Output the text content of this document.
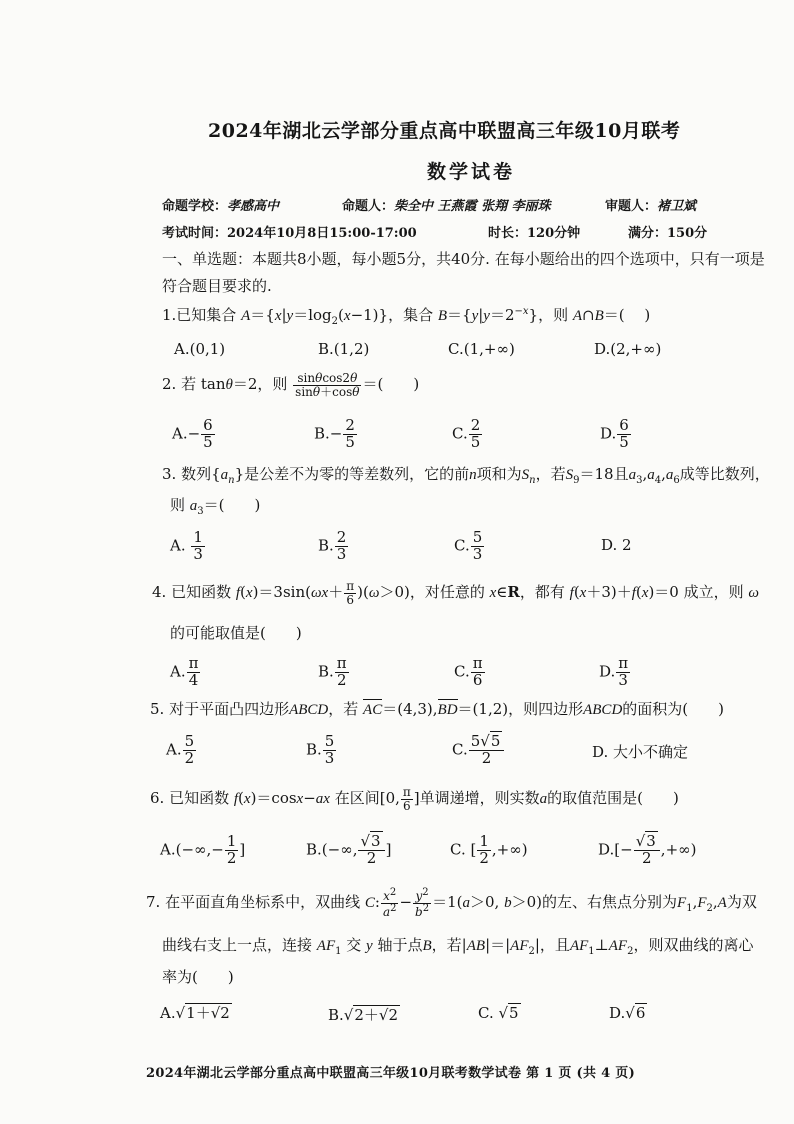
2024年湖北云学部分重点高中联盟高三年级10月联考
数学试卷
命题学校：孝感高中	命题人：柴全中 王燕霞 张翔 李丽珠	审题人：褚卫斌
考试时间：2024年10月8日15:00-17:00	时长：120分钟	满分：150分
一、单选题：本题共8小题，每小题5分，共40分. 在每小题给出的四个选项中，只有一项是
符合题目要求的.
1.已知集合 $A=\{x|y=\log_2(x-1)\}$，集合 $B=\{y|y=2^{-x}\}$，则 A∩B＝(　 )
A.(0,1)	B.(1,2)	C.(1,+∞)	D.(2,+∞)
2. 若 tanθ＝2，则 $\frac{\sin\theta\cos 2\theta}{\sin\theta+\cos\theta}$ ＝(　　)
$A.- \frac{6}{5}$	$B.- \frac{2}{5}$	C. $\frac{2}{5}$	D. $\frac{6}{5}$
3. 数列$\{a_n\}$是公差不为零的等差数列，它的前n项和为$S_n$，若$S_9=18$且$a_3,a_4,a_6$成等比数列，
则 $a_3=$(　　)
A. $\frac{1}{3}$	B. $\frac{2}{3}$	C. $\frac{5}{3}$	D. 2
4. 已知函数 $f(x)=3\sin(\omega x+ \frac{\pi}{6} )(\omega>0)$，对任意的 x∈R，都有 f(x＋3)＋f(x)＝0 成立，则 ω
的可能取值是(　　)
A. $\frac{\pi}{4}$	B. $\frac{\pi}{2}$	C. $\frac{\pi}{6}$	D. $\frac{\pi}{3}$
5. 对于平面凸四边形ABCD，若 AC＝(4,3),BD＝(1,2)，则四边形ABCD的面积为(　　)
A. $\frac{5}{2}$	B. $\frac{5}{3}$	C. $\frac{5√5}{2}$	D. 大小不确定
6. 已知函数 f(x)＝cosx−ax 在区间[0, $\frac{\pi}{6}$ ]单调递增，则实数a的取值范围是(　　)
$A.(-\infty,- \frac{1}{2}$ ]	B.(−∞, $\frac{√3}{2}$ ]	C. [ $\frac{1}{2}$ ,+∞)	$D.[- \frac{√3}{2}$ ,+∞)
7. 在平面直角坐标系中，双曲线 C: $\frac{x^2}{a^2} - \frac{y^2}{b^2} =1(a>0$, b＞0)的左、右焦点分别为$F_1,F_2,A$为双
曲线右支上一点，连接 $AF_1$ 交 y 轴于点B，若$|AB|=|AF_2|$，且$AF_1\perp AF_2$，则双曲线的离心
率为(　　)
A.√1＋√2	B.√2＋√2	C. √5	D.√6
2024年湖北云学部分重点高中联盟高三年级10月联考数学试卷 第 1 页 (共 4 页)
